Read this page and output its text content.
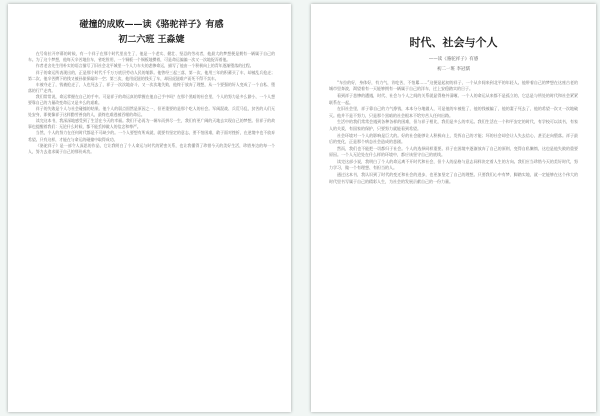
碰撞的成败——读《骆驼祥子》有感
初二六班 王淼婕

在号角拉开序幕的时候，有一个祥子在那个时代里出生了，他是一个老实、健壮、坚忍的劳动者，他最大的梦想便是拥有一辆属于自己的车。为了这个梦想，他每天辛苦地拉车，省吃俭用，一个铜板一个铜板地攒着，可是命运偏偏一次又一次地捉弄着他。

作者老舍先生用朴实的语言描写了旧社会北平城里一个人力车夫的悲惨命运，描写了他由一个积极向上的青年逐渐堕落的过程。

祥子的命运所表现出的，正是那个时代千千万万底层劳动人民的缩影。他曾经三起三落，第一次，他用三年的积蓄买了车，却被乱兵抢走；第二次，他辛苦攒下的钱又被孙侦探敲诈一空；第三次，他用虎妞的钱买了车，却因虎妞难产而死不得不卖车。

车被夺走了，钱被抢走了，人也死去了，祥子一次次地奋斗，又一次次地失败，他终于放弃了理想，从一个要强的好人变成了一个自私、堕落的行尸走肉。

我们常常说，命运掌握在自己的手中。可是祥子的命运真的掌握在他自己手中吗？在那个黑暗的社会里，个人的努力是多么渺小，一个人想要靠自己的力量改变命运又是多么的艰难。

祥子的失败是个人与社会碰撞的结果。他个人的弱点固然是原因之一，但更重要的是那个吃人的社会。军阀混战、兵荒马乱，贫苦的人们无处安身，即使像祥子这样勤劳善良的人，最终也难逃被吞噬的命运。

读完这本书，我深深地感受到了生活在今天的幸福。我们不必再为一辆车而拼尽一生，我们有更广阔的天地去实现自己的梦想。但祥子的故事也提醒着我们：无论什么时候，都不能丢掉做人的信念和尊严。

当然，个人的努力在任何时代都是不可缺少的。一个人要想有所成就，就要有坚定的意志，要不怕困难，敢于面对挫折，在逆境中也不放弃希望。只有这样，才能在与命运的碰撞中取得成功。

《骆驼祥子》是一部令人深思的作品，它让我明白了个人命运与时代的紧密关系，也让我懂得了珍惜今天的美好生活，珍惜身边的每一个人，努力去追求属于自己的那份成功。

时代、社会与个人
——读《骆驼祥子》有感
初二一班 李冠儒

“车拉的好，身体好，有力气，肯吃苦，不怕累……”这便是起初的祥子，一个从乡间来到北平的年轻人。他带着自己的梦想在这座古老的城市里奔波，渴望着有一天能够拥有一辆属于自己的洋车，过上安稳踏实的日子。

看到祥子悲惨的遭遇，时代、社会与个人之间的关系就显得格外清晰。一个人的命运从来都不是孤立的，它总是与所处的时代和社会紧紧联系在一起。

在旧社会里，祥子靠自己的力气挣钱，本本分分地做人，可是他的车被抢了，他的钱被骗了，他的妻子死去了，他的希望一次又一次地破灭。他并不是不努力，只是那个黑暗的社会根本不给穷苦人任何出路。

生活中的我们常常会遇到各种各样的困难，但与祥子相比，我们是多么的幸运。我们生活在一个和平安定的时代，有学校可以读书，有家人的关爱，有国家的保护，只要努力就能看到希望。

社会环境对一个人的影响是巨大的。好的社会能够让人积极向上，发挥自己的才能；坏的社会却会让人失去信心，甚至走向堕落。祥子最后的变化，正是那个病态社会造成的悲剧。

然而，我们也不能把一切都归于社会。个人的选择同样重要。祥子在困境中逐渐放弃了自己的原则，变得自私懒惰，这也是他失败的重要原因。一个人无论处在什么样的环境中，都应该坚守自己的底线。

读完这部小说，我明白了个人的命运离不开时代和社会，但个人的品格与意志同样决定着人生的方向。我们应当珍惜今天的美好时代，努力学习，做一个有理想、有担当的人。

通过这本书，我认识到了时代的变迁和社会的进步，也更加坚定了自己的理想。只要我们心中有梦，脚踏实地，就一定能够在这个伟大的时代里书写属于自己的精彩人生，为社会的发展贡献自己的一份力量。
